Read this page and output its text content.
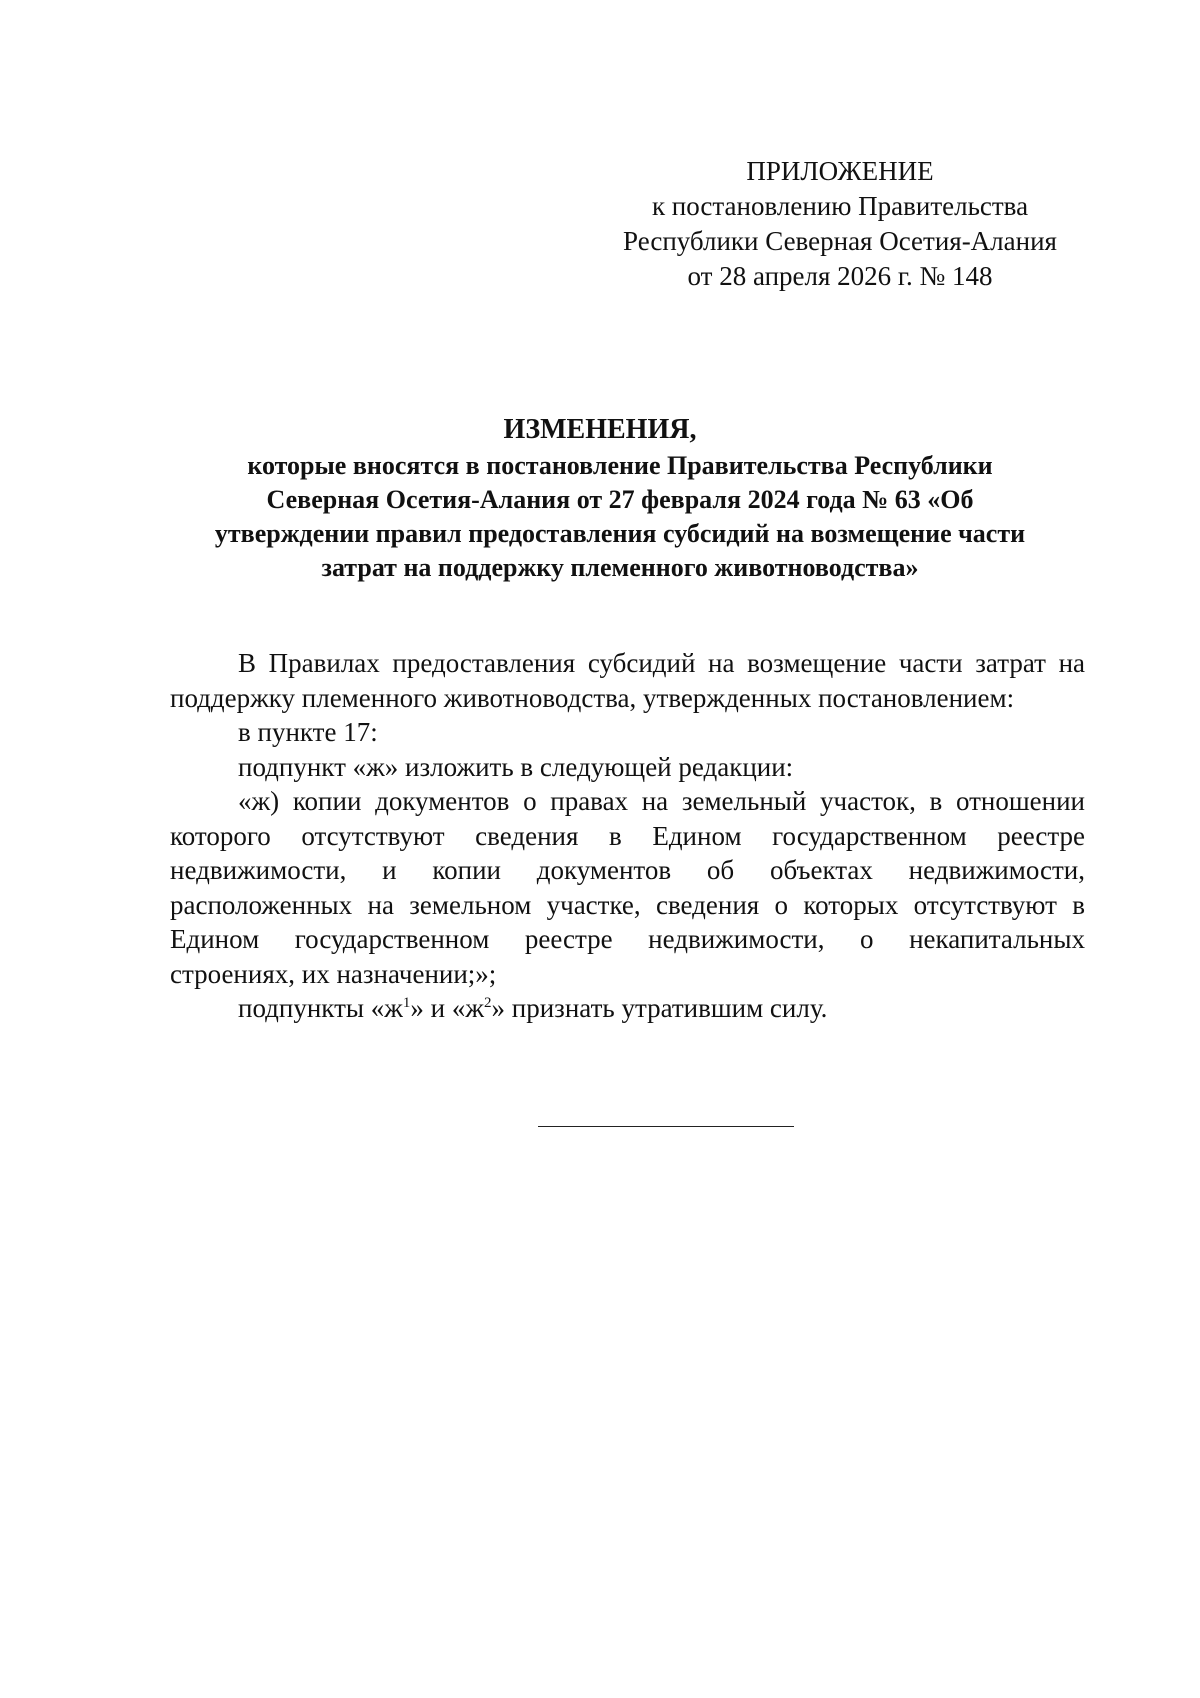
ПРИЛОЖЕНИЕ
к постановлению Правительства
Республики Северная Осетия-Алания
от 28 апреля 2026 г. № 148
ИЗМЕНЕНИЯ,
которые вносятся в постановление Правительства Республики
Северная Осетия-Алания от 27 февраля 2024 года № 63 «Об
утверждении правил предоставления субсидий на возмещение части
затрат на поддержку племенного животноводства»

В Правилах предоставления субсидий на возмещение части затрат на

поддержку племенного животноводства, утвержденных постановлением:

в пункте 17:

подпункт «ж» изложить в следующей редакции:

«ж) копии документов о правах на земельный участок, в отношении

которого отсутствуют сведения в Едином государственном реестре

недвижимости, и копии документов об объектах недвижимости,

расположенных на земельном участке, сведения о которых отсутствуют в

Едином государственном реестре недвижимости, о некапитальных

строениях, их назначении;»;

подпункты «$ж^1$» и «$ж^2$» признать утратившим силу.
